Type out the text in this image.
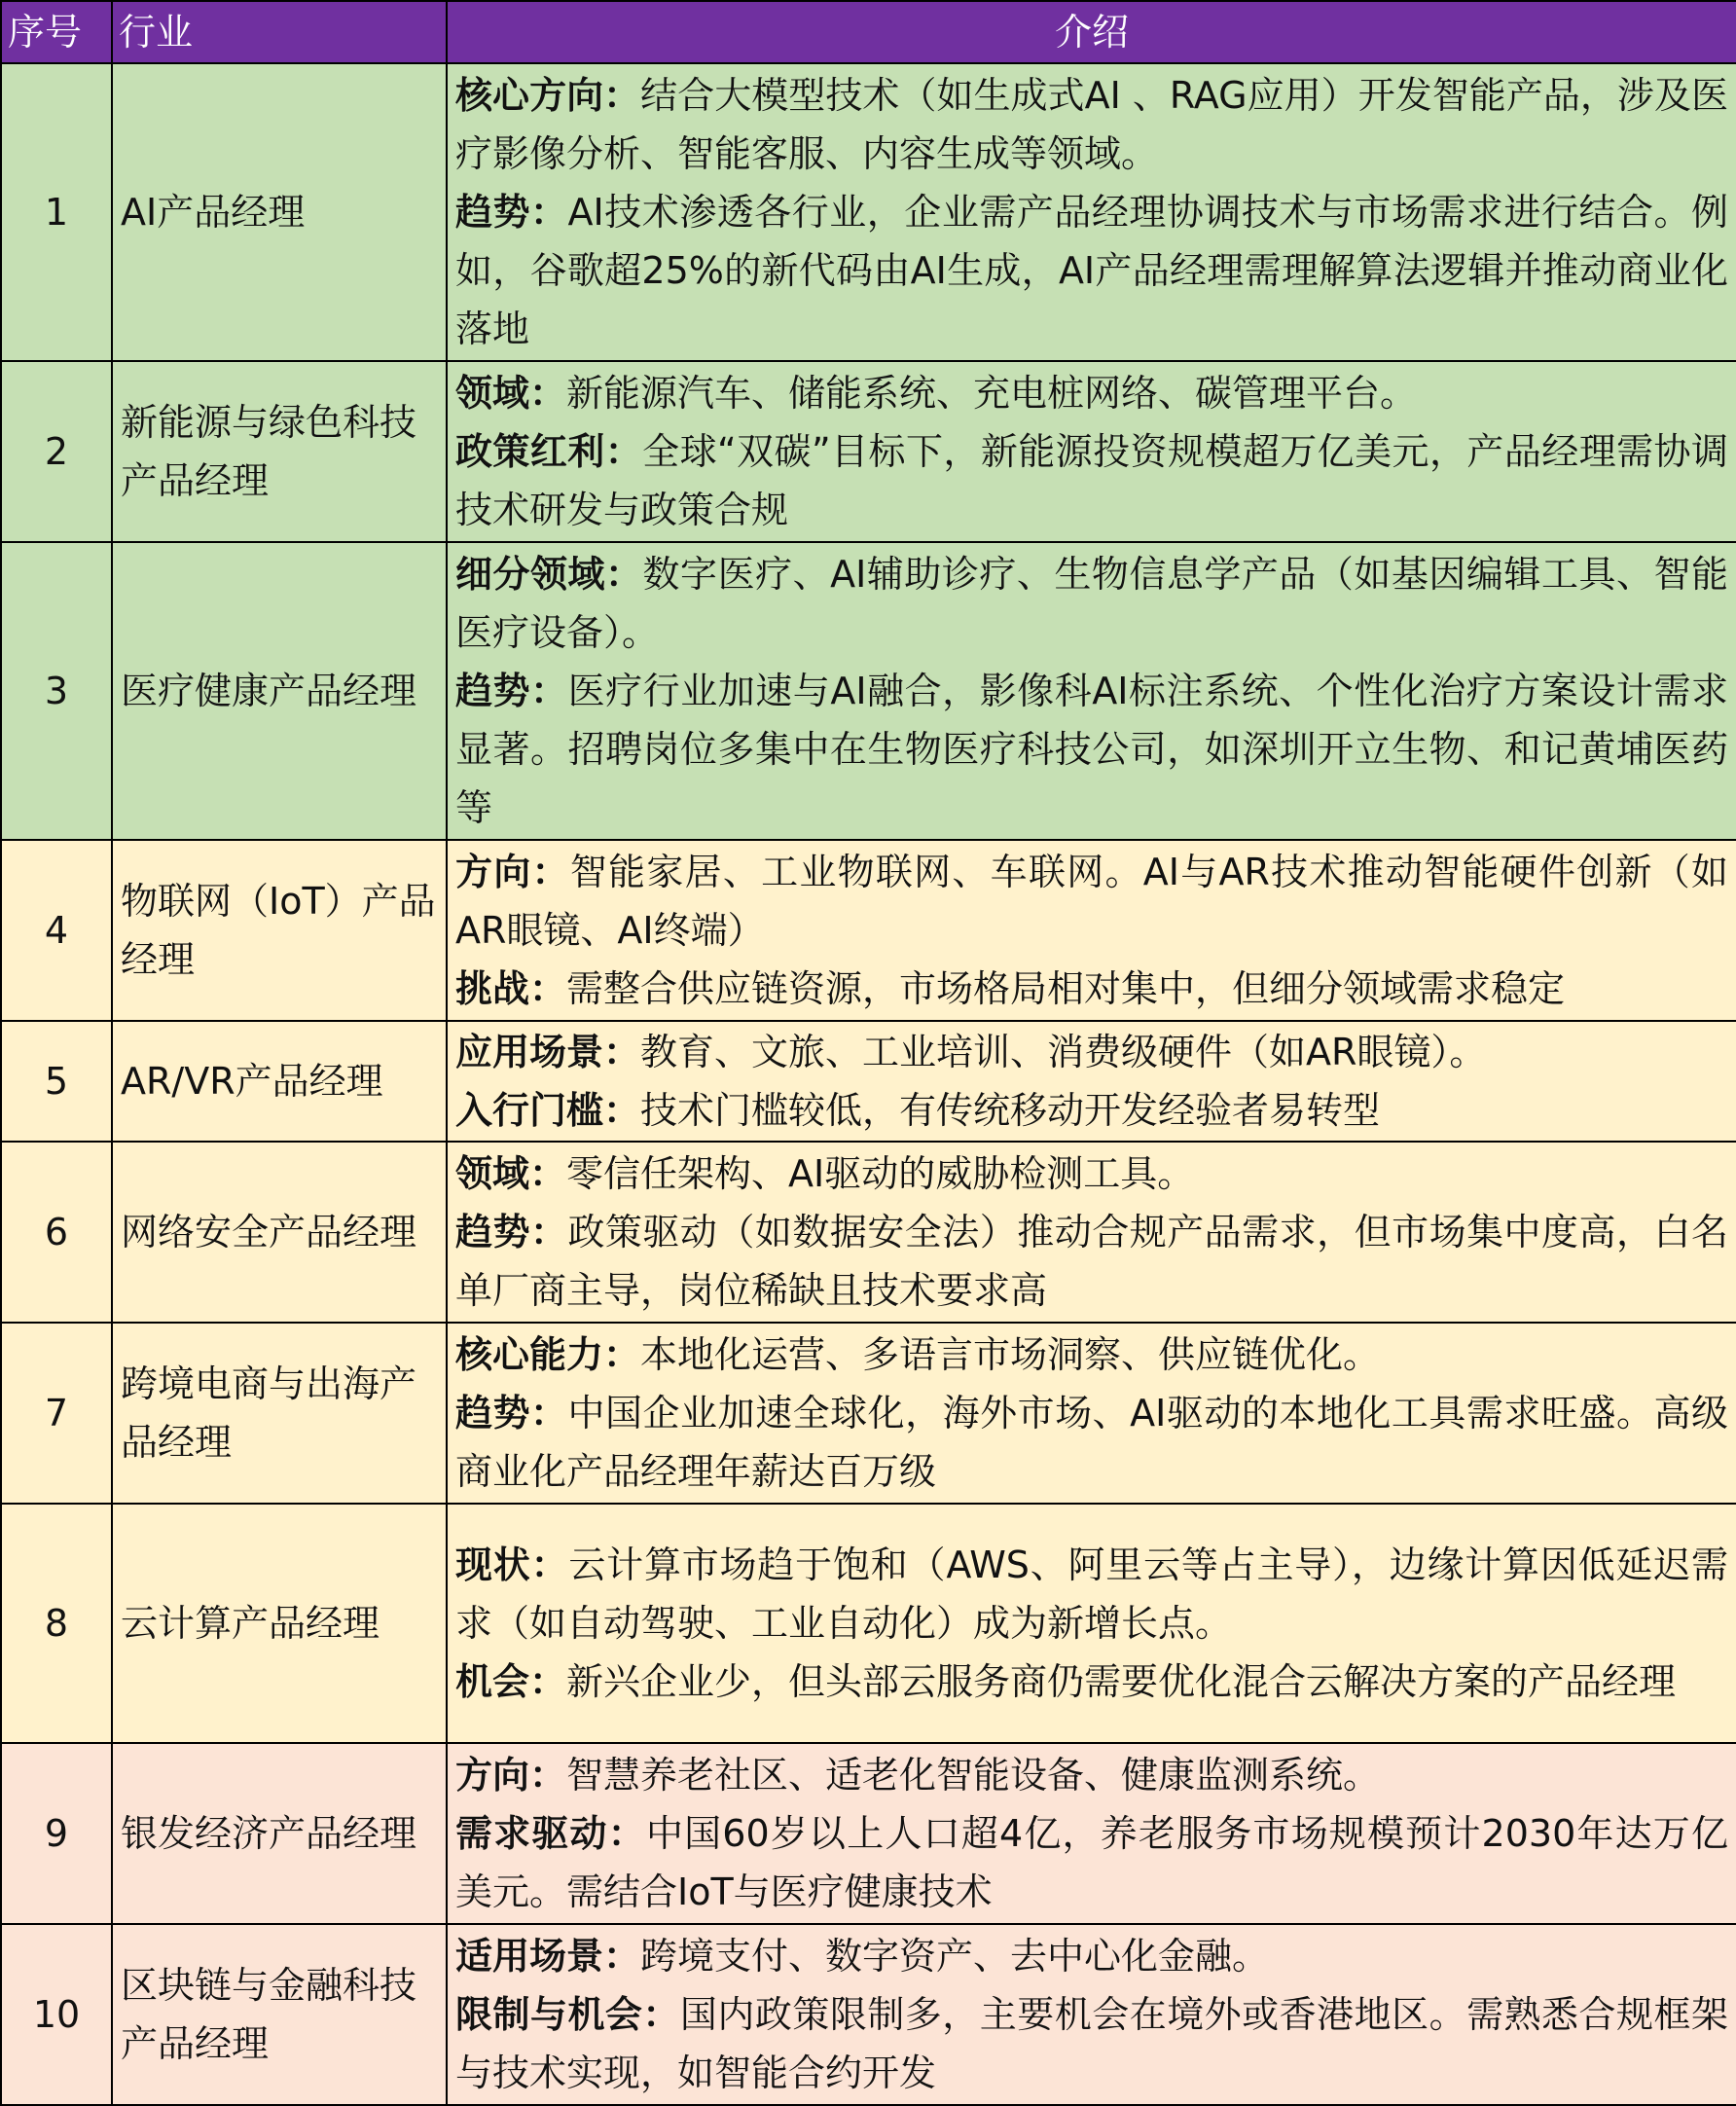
序号	行业	介绍
1	AI产品经理	核心方向：结合大模型技术（如生成式AI 、RAG应用）开发智能产品，涉及医疗影像分析、智能客服、内容生成等领域。
趋势：AI技术渗透各行业，企业需产品经理协调技术与市场需求进行结合。例如，谷歌超25%的新代码由AI生成，AI产品经理需理解算法逻辑并推动商业化落地

2	新能源与绿色科技产品经理	领域：新能源汽车、储能系统、充电桩网络、碳管理平台。
政策红利：全球“双碳”目标下，新能源投资规模超万亿美元，产品经理需协调技术研发与政策合规

3	医疗健康产品经理	细分领域：数字医疗、AI辅助诊疗、生物信息学产品（如基因编辑工具、智能医疗设备）。
趋势：医疗行业加速与AI融合，影像科AI标注系统、个性化治疗方案设计需求显著。招聘岗位多集中在生物医疗科技公司，如深圳开立生物、和记黄埔医药等

4	物联网（IoT）产品经理	方向：智能家居、工业物联网、车联网。AI与AR技术推动智能硬件创新（如AR眼镜、AI终端）
挑战：需整合供应链资源，市场格局相对集中，但细分领域需求稳定

5	AR/VR产品经理	应用场景：教育、文旅、工业培训、消费级硬件（如AR眼镜）。
入行门槛：技术门槛较低，有传统移动开发经验者易转型

6	网络安全产品经理	领域：零信任架构、AI驱动的威胁检测工具。
趋势：政策驱动（如数据安全法）推动合规产品需求，但市场集中度高，白名单厂商主导，岗位稀缺且技术要求高

7	跨境电商与出海产品经理	核心能力：本地化运营、多语言市场洞察、供应链优化。
趋势：中国企业加速全球化，海外市场、AI驱动的本地化工具需求旺盛。高级商业化产品经理年薪达百万级

8	云计算产品经理	现状：云计算市场趋于饱和（AWS、阿里云等占主导），边缘计算因低延迟需求（如自动驾驶、工业自动化）成为新增长点。
机会：新兴企业少，但头部云服务商仍需要优化混合云解决方案的产品经理

9	银发经济产品经理	方向：智慧养老社区、适老化智能设备、健康监测系统。
需求驱动：中国60岁以上人口超4亿，养老服务市场规模预计2030年达万亿美元。需结合IoT与医疗健康技术

10	区块链与金融科技产品经理	适用场景：跨境支付、数字资产、去中心化金融。
限制与机会：国内政策限制多，主要机会在境外或香港地区。需熟悉合规框架与技术实现，如智能合约开发
